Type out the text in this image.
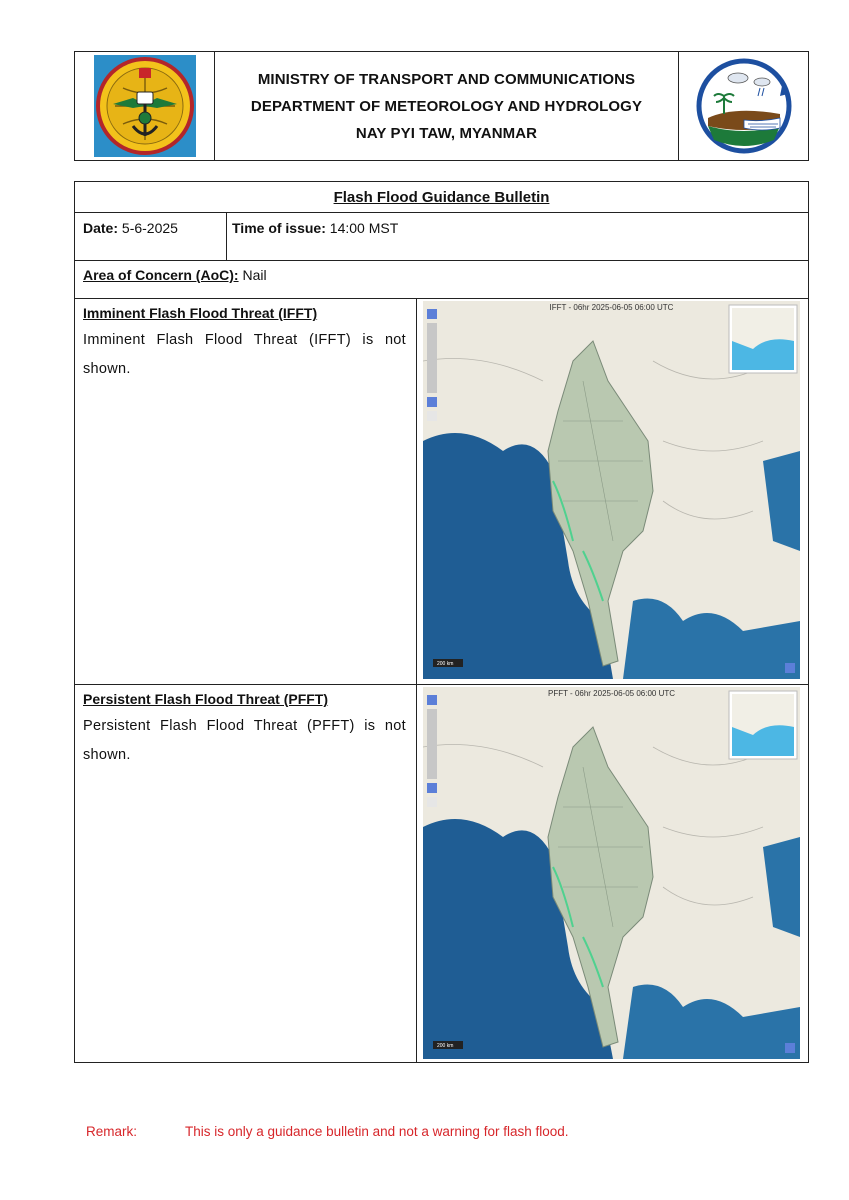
MINISTRY OF TRANSPORT AND COMMUNICATIONS
DEPARTMENT OF METEOROLOGY AND HYDROLOGY
NAY PYI TAW, MYANMAR
Flash Flood Guidance Bulletin
Date: 5-6-2025	Time of issue: 14:00 MST
Area of Concern (AoC): Nail
Imminent Flash Flood Threat (IFFT)
Imminent Flash Flood Threat (IFFT) is not shown.
200 km
IFFT - 06hr 2025-06-05 06:00 UTC
Persistent Flash Flood Threat (PFFT)
Persistent Flash Flood Threat (PFFT) is not shown.
200 km
PFFT - 06hr 2025-06-05 06:00 UTC
Remark:	This is only a guidance bulletin and not a warning for flash flood.
